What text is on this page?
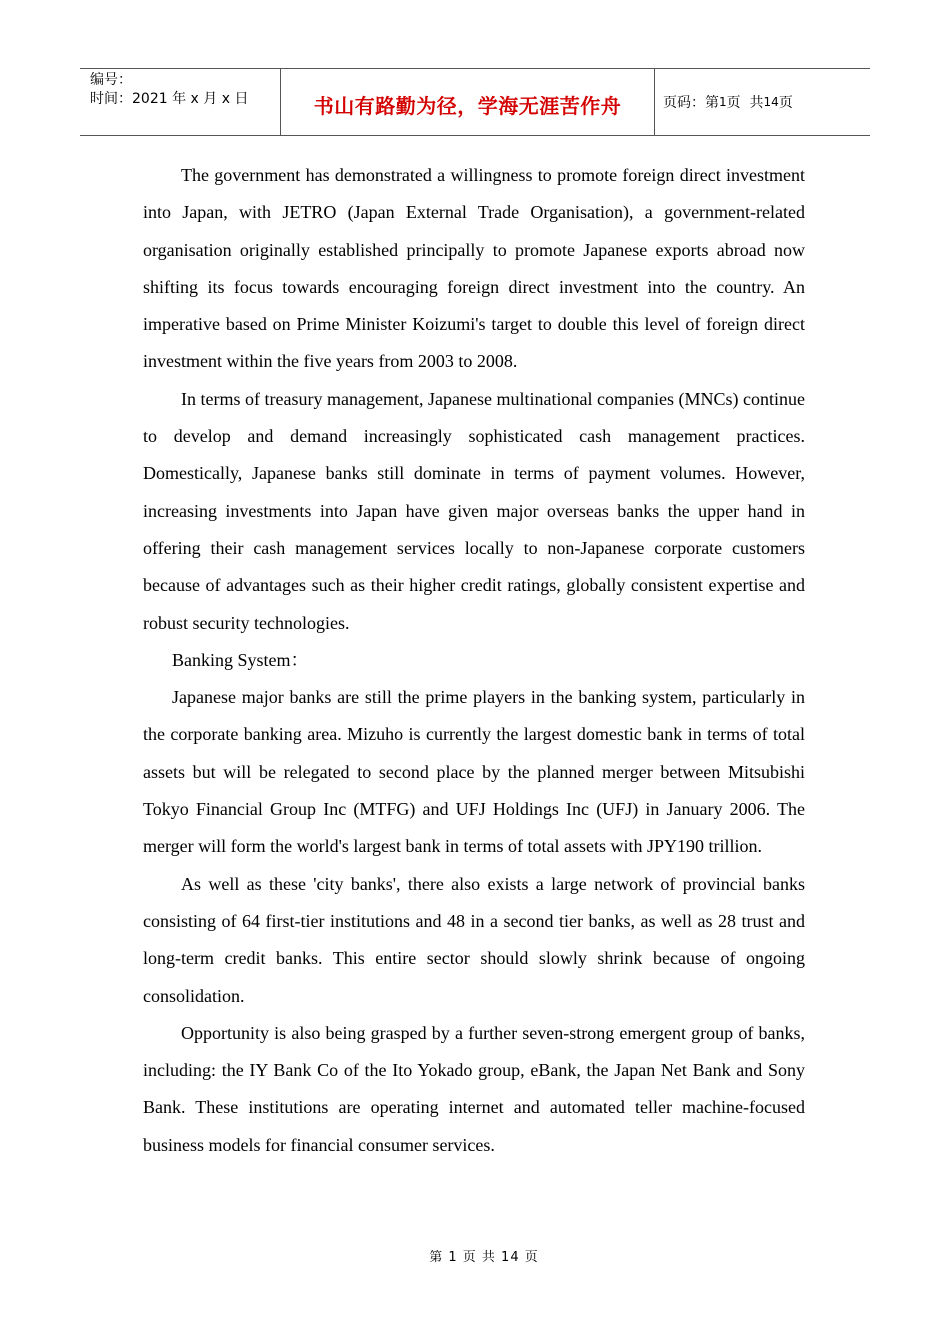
编号：
时间：2021 年 x 月 x 日	书山有路勤为径，学海无涯苦作舟	页码：第 1 页  共 14 页

The government has demonstrated a willingness to promote foreign direct investment into Japan, with JETRO (Japan External Trade Organisation), a government-related organisation originally established principally to promote Japanese exports abroad now shifting its focus towards encouraging foreign direct investment into the country. An imperative based on Prime Minister Koizumi's target to double this level of foreign direct investment within the five years from 2003 to 2008.

In terms of treasury management, Japanese multinational companies (MNCs) continue to develop and demand increasingly sophisticated cash management practices. Domestically, Japanese banks still dominate in terms of payment volumes. However, increasing investments into Japan have given major overseas banks the upper hand in offering their cash management services locally to non-Japanese corporate customers because of advantages such as their higher credit ratings, globally consistent expertise and robust security technologies.

Banking System：

Japanese major banks are still the prime players in the banking system, particularly in the corporate banking area. Mizuho is currently the largest domestic bank in terms of total assets but will be relegated to second place by the planned merger between Mitsubishi Tokyo Financial Group Inc (MTFG) and UFJ Holdings Inc (UFJ) in January 2006. The merger will form the world's largest bank in terms of total assets with JPY190 trillion.

As well as these 'city banks', there also exists a large network of provincial banks consisting of 64 first-tier institutions and 48 in a second tier banks, as well as 28 trust and long-term credit banks. This entire sector should slowly shrink because of ongoing consolidation.

Opportunity is also being grasped by a further seven-strong emergent group of banks, including: the IY Bank Co of the Ito Yokado group, eBank, the Japan Net Bank and Sony Bank. These institutions are operating internet and automated teller machine-focused business models for financial consumer services.

第 1 页 共 14 页
